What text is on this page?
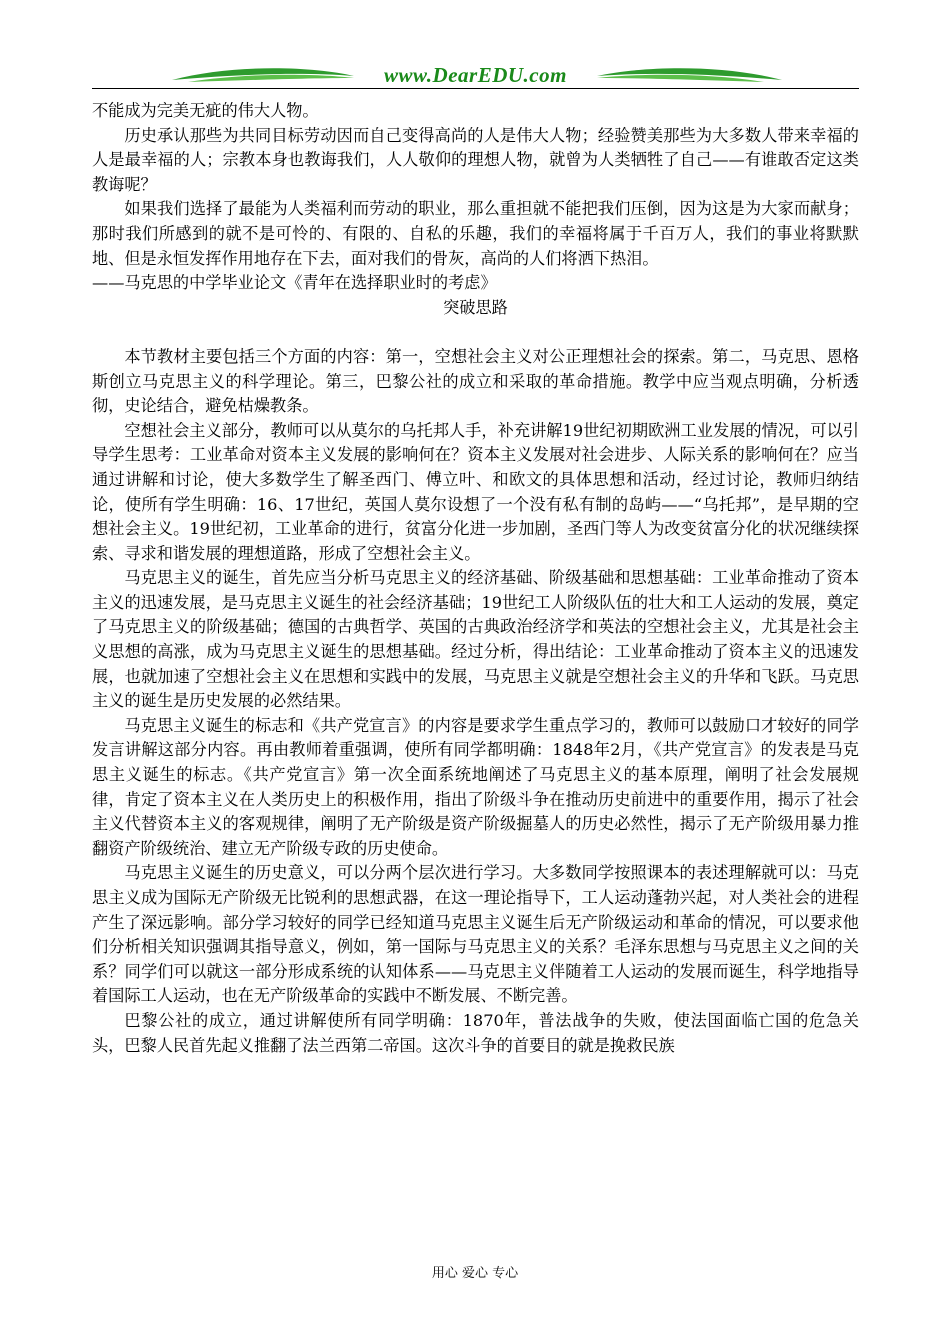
www.DearEDU.com

不能成为完美无疵的伟大人物。

历史承认那些为共同目标劳动因而自己变得高尚的人是伟大人物；经验赞美那些为大多数人带来幸福的人是最幸福的人；宗教本身也教诲我们，人人敬仰的理想人物，就曾为人类牺牲了自己——有谁敢否定这类教诲呢？

如果我们选择了最能为人类福利而劳动的职业，那么重担就不能把我们压倒，因为这是为大家而献身；那时我们所感到的就不是可怜的、有限的、自私的乐趣，我们的幸福将属于千百万人，我们的事业将默默地、但是永恒发挥作用地存在下去，面对我们的骨灰，高尚的人们将洒下热泪。

——马克思的中学毕业论文《青年在选择职业时的考虑》

突破思路

本节教材主要包括三个方面的内容：第一，空想社会主义对公正理想社会的探索。第二，马克思、恩格斯创立马克思主义的科学理论。第三，巴黎公社的成立和采取的革命措施。教学中应当观点明确，分析透彻，史论结合，避免枯燥教条。

空想社会主义部分，教师可以从莫尔的乌托邦人手，补充讲解19世纪初期欧洲工业发展的情况，可以引导学生思考：工业革命对资本主义发展的影响何在？资本主义发展对社会进步、人际关系的影响何在？应当通过讲解和讨论，使大多数学生了解圣西门、傅立叶、和欧文的具体思想和活动，经过讨论，教师归纳结论，使所有学生明确：16、17世纪，英国人莫尔设想了一个没有私有制的岛屿——“乌托邦”，是早期的空想社会主义。19世纪初，工业革命的进行，贫富分化进一步加剧，圣西门等人为改变贫富分化的状况继续探索、寻求和谐发展的理想道路，形成了空想社会主义。

马克思主义的诞生，首先应当分析马克思主义的经济基础、阶级基础和思想基础：工业革命推动了资本主义的迅速发展，是马克思主义诞生的社会经济基础；19世纪工人阶级队伍的壮大和工人运动的发展，奠定了马克思主义的阶级基础；德国的古典哲学、英国的古典政治经济学和英法的空想社会主义，尤其是社会主义思想的高涨，成为马克思主义诞生的思想基础。经过分析，得出结论：工业革命推动了资本主义的迅速发展，也就加速了空想社会主义在思想和实践中的发展，马克思主义就是空想社会主义的升华和飞跃。马克思主义的诞生是历史发展的必然结果。

马克思主义诞生的标志和《共产党宣言》的内容是要求学生重点学习的，教师可以鼓励口才较好的同学发言讲解这部分内容。再由教师着重强调，使所有同学都明确：1848年2月，《共产党宣言》的发表是马克思主义诞生的标志。《共产党宣言》第一次全面系统地阐述了马克思主义的基本原理，阐明了社会发展规律，肯定了资本主义在人类历史上的积极作用，指出了阶级斗争在推动历史前进中的重要作用，揭示了社会主义代替资本主义的客观规律，阐明了无产阶级是资产阶级掘墓人的历史必然性，揭示了无产阶级用暴力推翻资产阶级统治、建立无产阶级专政的历史使命。

马克思主义诞生的历史意义，可以分两个层次进行学习。大多数同学按照课本的表述理解就可以：马克思主义成为国际无产阶级无比锐利的思想武器，在这一理论指导下，工人运动蓬勃兴起，对人类社会的进程产生了深远影响。部分学习较好的同学已经知道马克思主义诞生后无产阶级运动和革命的情况，可以要求他们分析相关知识强调其指导意义，例如，第一国际与马克思主义的关系？毛泽东思想与马克思主义之间的关系？同学们可以就这一部分形成系统的认知体系——马克思主义伴随着工人运动的发展而诞生，科学地指导着国际工人运动，也在无产阶级革命的实践中不断发展、不断完善。

巴黎公社的成立，通过讲解使所有同学明确：1870年，普法战争的失败，使法国面临亡国的危急关头，巴黎人民首先起义推翻了法兰西第二帝国。这次斗争的首要目的就是挽救民族

用心 爱心 专心
